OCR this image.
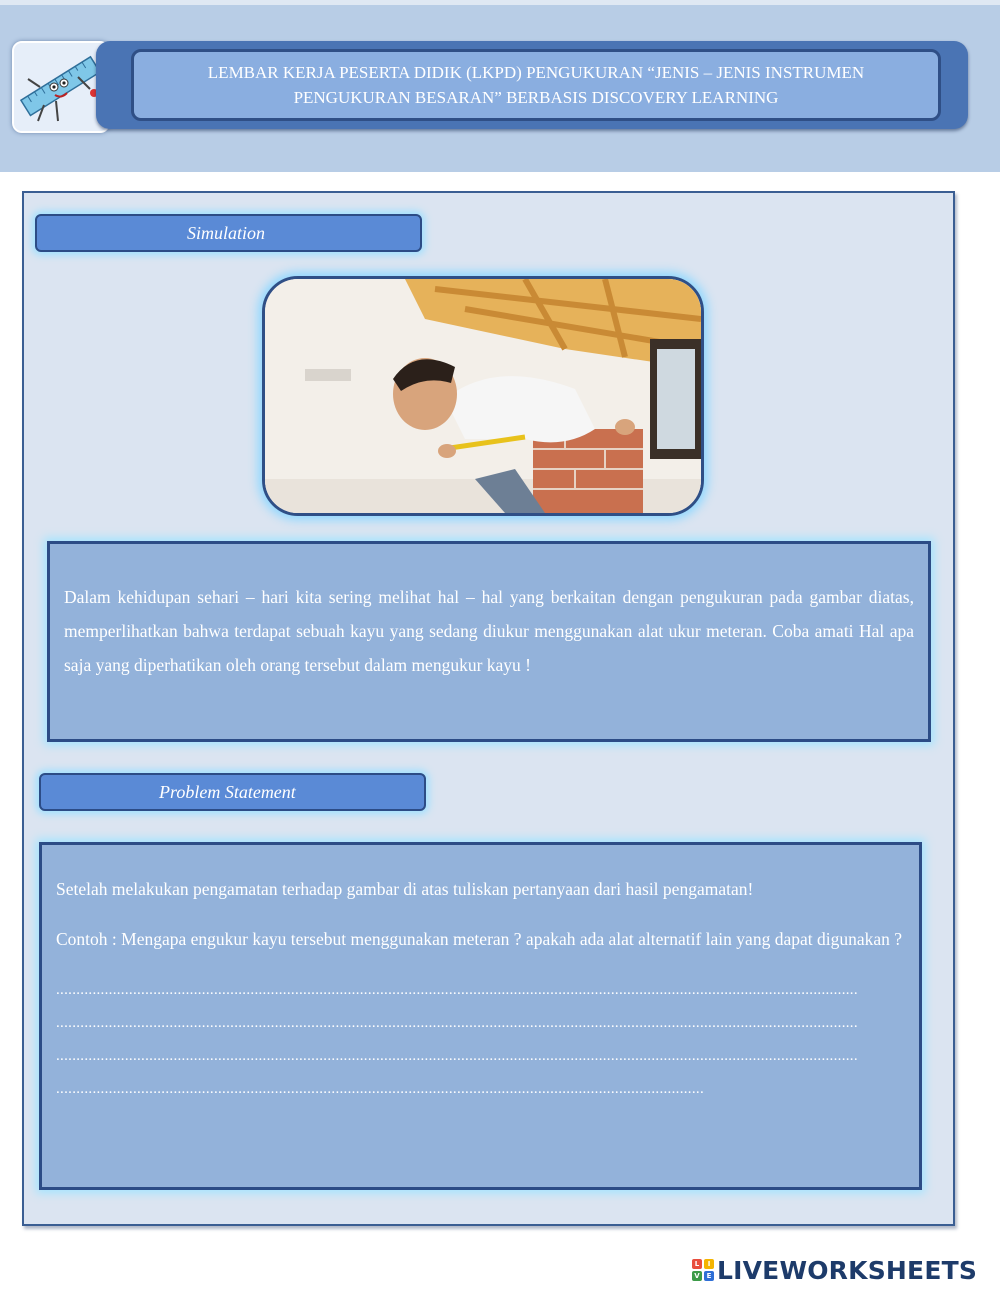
LEMBAR KERJA PESERTA DIDIK (LKPD) PENGUKURAN “JENIS – JENIS INSTRUMEN
PENGUKURAN BESARAN” BERBASIS DISCOVERY LEARNING
Simulation
Dalam kehidupan sehari – hari kita sering melihat hal – hal yang berkaitan dengan pengukuran pada gambar diatas, memperlihatkan bahwa terdapat sebuah kayu yang sedang diukur menggunakan alat ukur meteran. Coba amati Hal apa saja yang diperhatikan oleh orang tersebut dalam mengukur kayu !
Problem Statement

Setelah melakukan pengamatan terhadap gambar di atas tuliskan pertanyaan dari hasil pengamatan!

Contoh : Mengapa engukur kayu tersebut menggunakan meteran ? apakah ada alat alternatif lain yang dapat digunakan ?

......................................................................................................................................................................................................

......................................................................................................................................................................................................

......................................................................................................................................................................................................

................................................................................................................................................................

L	I
V E LIVEWORKSHEETS
